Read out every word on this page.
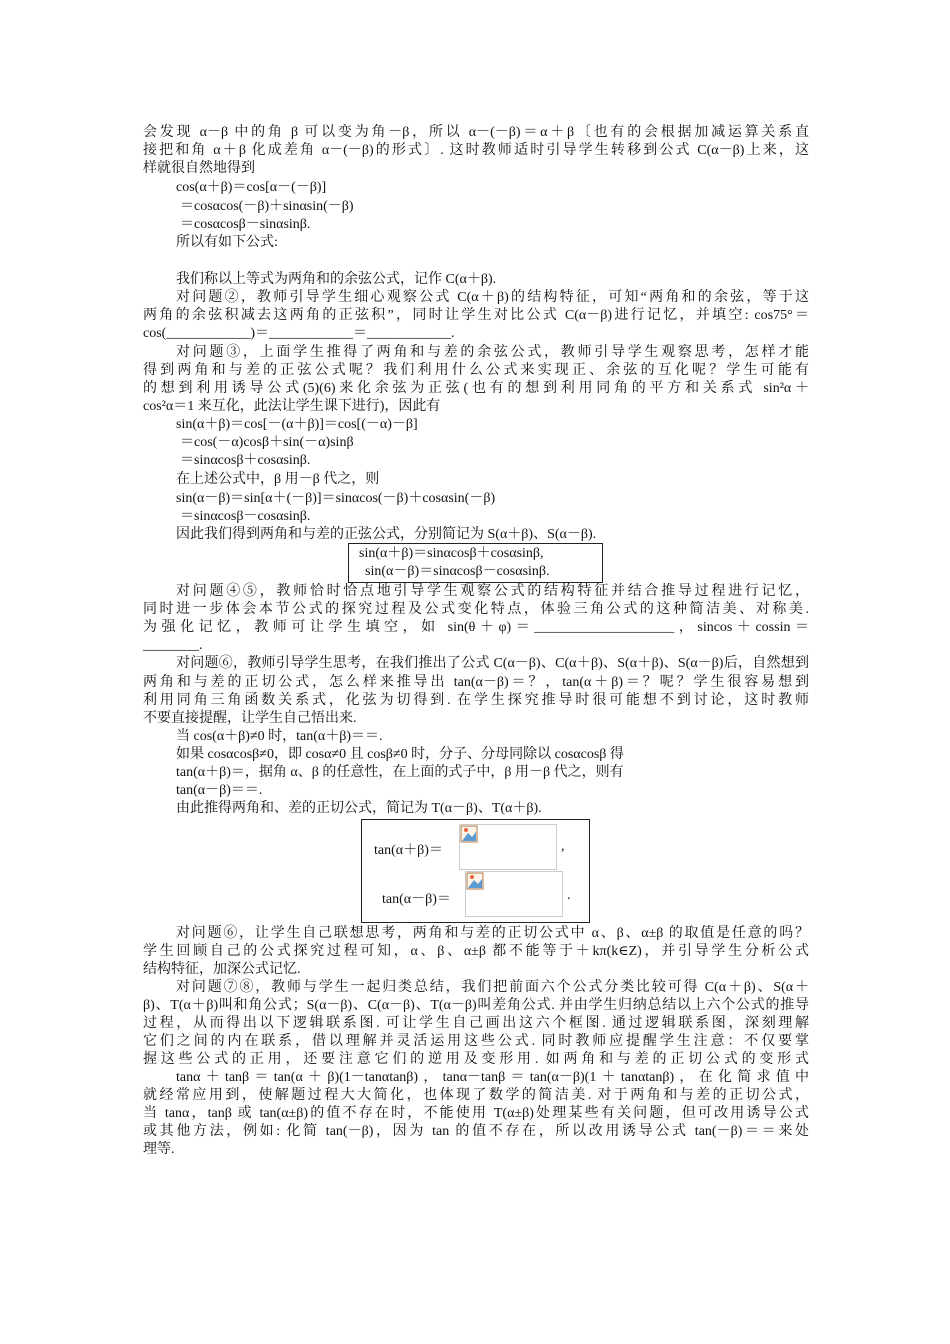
会发现 α－β 中的角 β 可以变为角－β，所以 α－(－β)＝α＋β〔也有的会根据加减运算关系直
接把和角 α＋β 化成差角 α－(－β)的形式〕. 这时教师适时引导学生转移到公式 C(α－β)上来，这
样就很自然地得到
cos(α＋β)＝cos[α－(－β)]
＝cosαcos(－β)＋sinαsin(－β)
＝cosαcosβ－sinαsinβ.
所以有如下公式:
我们称以上等式为两角和的余弦公式，记作 C(α＋β).
对问题②，教师引导学生细心观察公式 C(α＋β)的结构特征，可知“两角和的余弦，等于这
两角的余弦积减去这两角的正弦积”，同时让学生对比公式 C(α－β)进行记忆，并填空: cos75°＝
cos(____________)＝____________＝____________.
对问题③，上面学生推得了两角和与差的余弦公式，教师引导学生观察思考，怎样才能
得到两角和与差的正弦公式呢？我们利用什么公式来实现正、余弦的互化呢？学生可能有
的想到利用诱导公式(5)(6)来化余弦为正弦(也有的想到利用同角的平方和关系式 sin²α＋
cos²α＝1 来互化，此法让学生课下进行)，因此有
sin(α＋β)＝cos[－(α＋β)]＝cos[(－α)－β]
＝cos(－α)cosβ＋sin(－α)sinβ
＝sinαcosβ＋cosαsinβ.
在上述公式中，β 用－β 代之，则
sin(α－β)＝sin[α＋(－β)]＝sinαcos(－β)＋cosαsin(－β)
＝sinαcosβ－cosαsinβ.
因此我们得到两角和与差的正弦公式，分别简记为 S(α＋β)、S(α－β).
sin(α＋β)＝sinαcosβ＋cosαsinβ,
sin(α－β)＝sinαcosβ－cosαsinβ.
对问题④⑤，教师恰时恰点地引导学生观察公式的结构特征并结合推导过程进行记忆，
同时进一步体会本节公式的探究过程及公式变化特点，体验三角公式的这种简洁美、对称美.
为强化记忆，教师可让学生填空，如 sin(θ＋φ)＝____________________，sincos＋cossin＝
________.
对问题⑥，教师引导学生思考，在我们推出了公式 C(α－β)、C(α＋β)、S(α＋β)、S(α－β)后，自然想到
两角和与差的正切公式，怎么样来推导出 tan(α－β)＝？，tan(α＋β)＝？呢？学生很容易想到
利用同角三角函数关系式，化弦为切得到. 在学生探究推导时很可能想不到讨论，这时教师
不要直接提醒，让学生自己悟出来.
当 cos(α＋β)≠0 时，tan(α＋β)＝＝.
如果 cosαcosβ≠0，即 cosα≠0 且 cosβ≠0 时，分子、分母同除以 cosαcosβ 得
tan(α＋β)＝，据角 α、β 的任意性，在上面的式子中，β 用－β 代之，则有
tan(α－β)＝＝.
由此推得两角和、差的正切公式，简记为 T(α－β)、T(α＋β).
tan(α＋β)＝	,
tan(α－β)＝	.
对问题⑥，让学生自己联想思考，两角和与差的正切公式中 α、β、α±β 的取值是任意的吗？
学生回顾自己的公式探究过程可知，α、β、α±β 都不能等于＋kπ(k∈Z)，并引导学生分析公式
结构特征，加深公式记忆.
对问题⑦⑧，教师与学生一起归类总结，我们把前面六个公式分类比较可得 C(α＋β)、S(α＋
β)、T(α＋β)叫和角公式；S(α－β)、C(α－β)、T(α－β)叫差角公式. 并由学生归纳总结以上六个公式的推导
过程，从而得出以下逻辑联系图. 可让学生自己画出这六个框图. 通过逻辑联系图，深刻理解
它们之间的内在联系，借以理解并灵活运用这些公式. 同时教师应提醒学生注意：不仅要掌
握这些公式的正用，还要注意它们的逆用及变形用. 如两角和与差的正切公式的变形式
tanα＋tanβ＝tan(α＋β)(1－tanαtanβ)，tanα－tanβ＝tan(α－β)(1＋tanαtanβ)，在化简求值中
就经常应用到，使解题过程大大简化，也体现了数学的简洁美. 对于两角和与差的正切公式，
当 tanα，tanβ 或 tan(α±β)的值不存在时，不能使用 T(α±β)处理某些有关问题，但可改用诱导公式
或其他方法，例如: 化简 tan(－β)，因为 tan 的值不存在，所以改用诱导公式 tan(－β)＝＝来处
理等.
